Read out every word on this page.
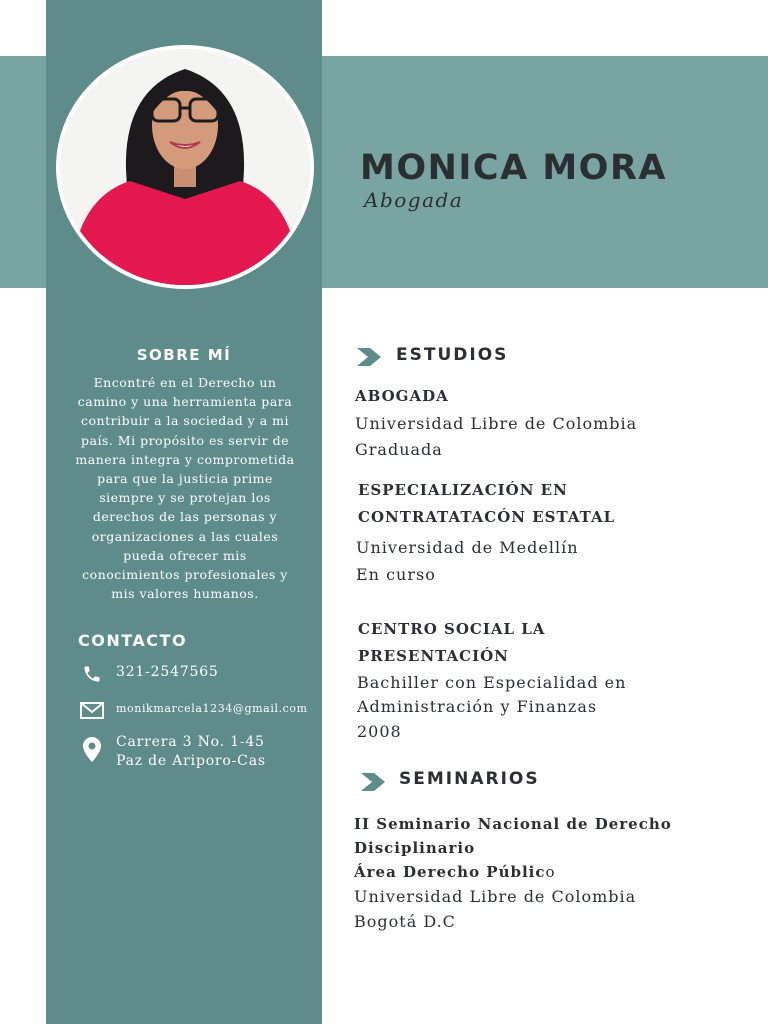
MONICA MORA
Abogada
SOBRE MÍ
Encontré en el Derecho un camino y una herramienta para contribuir a la sociedad y a mi país. Mi propósito es servir de manera integra y comprometida para que la justicia prime siempre y se protejan los derechos de las personas y organizaciones a las cuales pueda ofrecer mis conocimientos profesionales y mis valores humanos.
CONTACTO
321-2547565
monikmarcela1234@gmail.com
Carrera 3 No. 1-45
Paz de Ariporo-Cas
ESTUDIOS
ABOGADA
Universidad Libre de Colombia
Graduada
ESPECIALIZACIÓN EN
CONTRATATACÓN ESTATAL
Universidad de Medellín
En curso
CENTRO SOCIAL LA
PRESENTACIÓN
Bachiller con Especialidad en
Administración y Finanzas
2008
SEMINARIOS
II Seminario Nacional de Derecho
Disciplinario
Área Derecho Público
Universidad Libre de Colombia
Bogotá D.C
